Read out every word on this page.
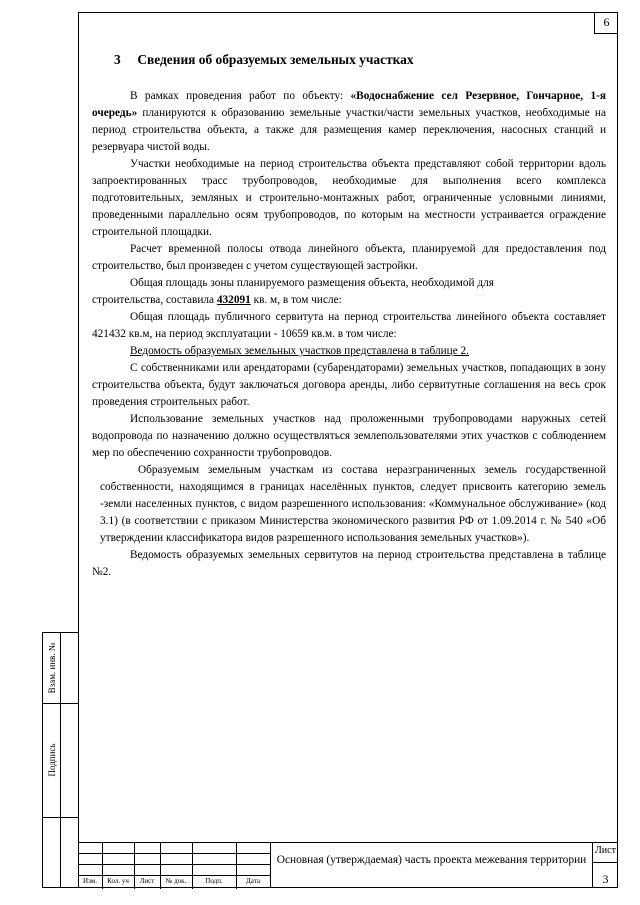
6
Взам. инв. №
Подпись
3 Сведения об образуемых земельных участках

В рамках проведения работ по объекту: «Водоснабжение сел Резервное, Гончарное, 1-я очередь» планируются к образованию земельные участки/части земельных участков, необходимые на период строительства объекта, а также для размещения камер переключения, насосных станций и резервуара чистой воды.

Участки необходимые на период строительства объекта представляют собой территории вдоль запроектированных трасс трубопроводов, необходимые для выполнения всего комплекса подготовительных, земляных и строительно-монтажных работ, ограниченные условными линиями, проведенными параллельно осям трубопроводов, по которым на местности устраивается ограждение строительной площадки.

Расчет временной полосы отвода линейного объекта, планируемой для предоставления под строительство, был произведен с учетом существующей застройки.

Общая площадь зоны планируемого размещения объекта, необходимой для

строительства, составила 432091 кв. м, в том числе:

Общая площадь публичного сервитута на период строительства линейного объекта составляет 421432 кв.м, на период эксплуатации - 10659 кв.м. в том числе:

Ведомость образуемых земельных участков представлена в таблице 2.

С собственниками или арендаторами (субарендаторами) земельных участков, попадающих в зону строительства объекта, будут заключаться договора аренды, либо сервитутные соглашения на весь срок проведения строительных работ.

Использование земельных участков над проложенными трубопроводами наружных сетей водопровода по назначению должно осуществляться землепользователями этих участков с соблюдением мер по обеспечению сохранности трубопроводов.

Образуемым земельным участкам из состава неразграниченных земель государственной собственности, находящимся в границах населённых пунктов, следует присвоить категорию земель -земли населенных пунктов, с видом разрешенного использования: «Коммунальное обслуживание» (код 3.1) (в соответствии с приказом Министерства экономического развития РФ от 1.09.2014 г. № 540 «Об утверждении классификатора видов разрешенного использования земельных участков»).

Ведомость образуемых земельных сервитутов на период строительства представлена в таблице №2.

Изм.	Кол. уч	Лист	№ док.	Подп.	Дата
Основная (утверждаемая) часть проекта межевания территории
Лист
3
